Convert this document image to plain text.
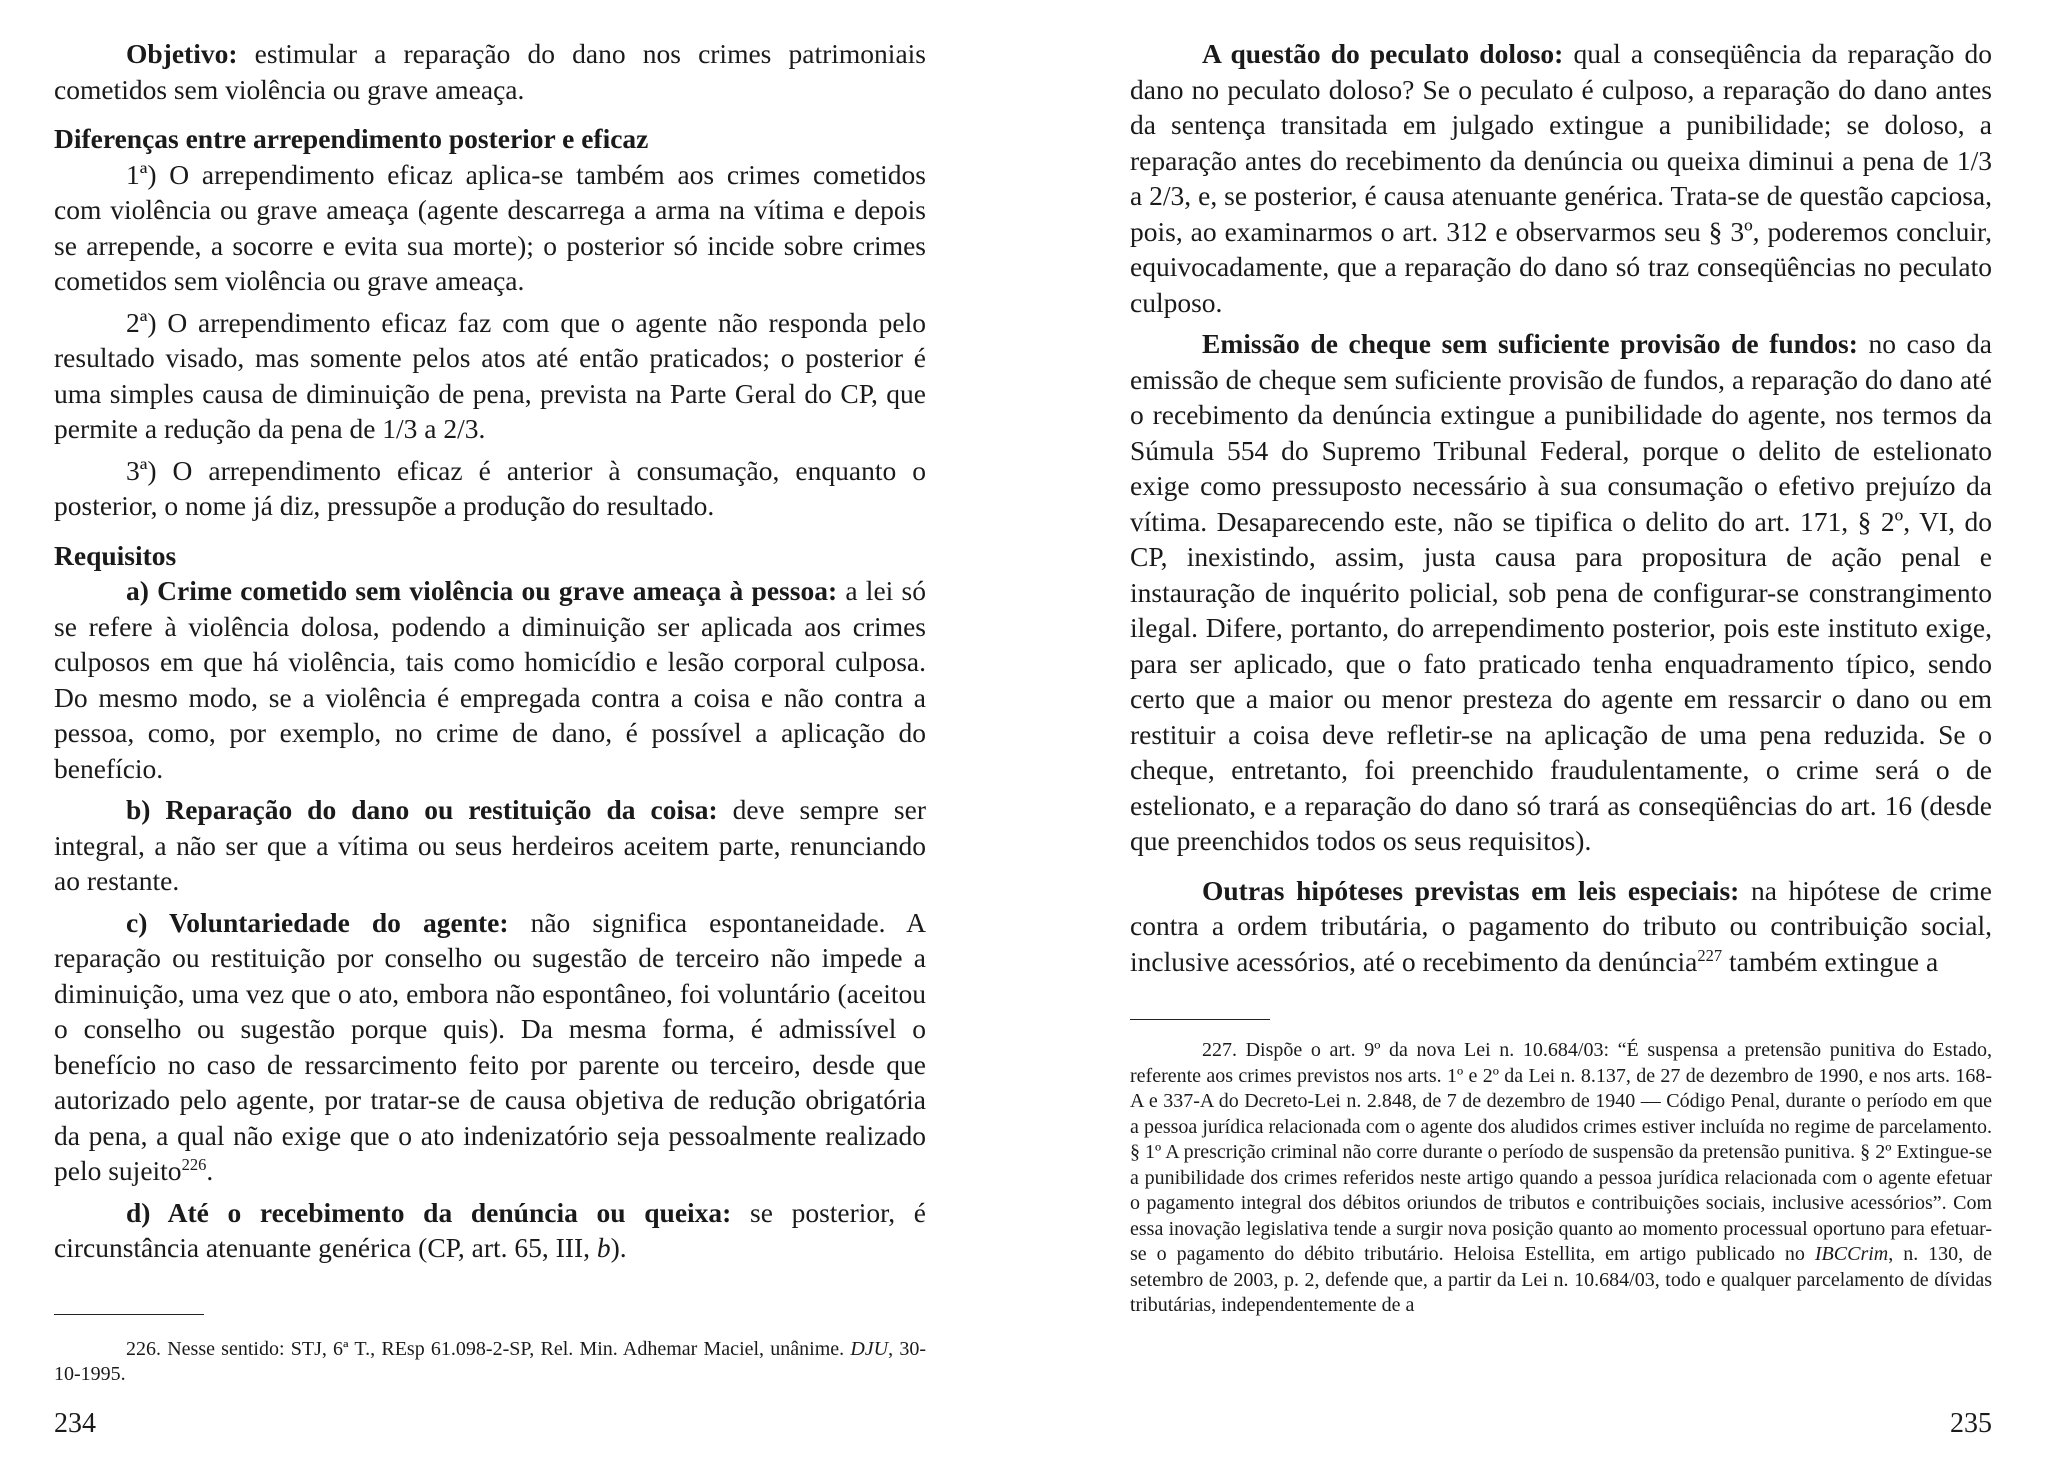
Objetivo: estimular a reparação do dano nos crimes patrimoniais cometidos sem violência ou grave ameaça.

Diferenças entre arrependimento posterior e eficaz

1ª) O arrependimento eficaz aplica-se também aos crimes cometidos com violência ou grave ameaça (agente descarrega a arma na vítima e depois se arrepende, a socorre e evita sua morte); o posterior só incide sobre crimes cometidos sem violência ou grave ameaça.

2ª) O arrependimento eficaz faz com que o agente não responda pelo resultado visado, mas somente pelos atos até então praticados; o posterior é uma simples causa de diminuição de pena, prevista na Parte Geral do CP, que permite a redução da pena de 1/3 a 2/3.

3ª) O arrependimento eficaz é anterior à consumação, enquanto o posterior, o nome já diz, pressupõe a produção do resultado.

Requisitos

a) Crime cometido sem violência ou grave ameaça à pessoa: a lei só se refere à violência dolosa, podendo a diminuição ser aplicada aos crimes culposos em que há violência, tais como homicídio e lesão corporal culposa. Do mesmo modo, se a violência é empregada contra a coisa e não contra a pessoa, como, por exemplo, no crime de dano, é possível a aplicação do benefício.

b) Reparação do dano ou restituição da coisa: deve sempre ser integral, a não ser que a vítima ou seus herdeiros aceitem parte, renunciando ao restante.

c) Voluntariedade do agente: não significa espontaneidade. A reparação ou restituição por conselho ou sugestão de terceiro não impede a diminuição, uma vez que o ato, embora não espontâneo, foi voluntário (aceitou o conselho ou sugestão porque quis). Da mesma forma, é admissível o benefício no caso de ressarcimento feito por parente ou terceiro, desde que autorizado pelo agente, por tratar-se de causa objetiva de redução obrigatória da pena, a qual não exige que o ato indenizatório seja pessoalmente realizado pelo sujeito$^{226}$.

d) Até o recebimento da denúncia ou queixa: se posterior, é circunstância atenuante genérica (CP, art. 65, III, b).

226. Nesse sentido: STJ, 6ª T., REsp 61.098-2-SP, Rel. Min. Adhemar Maciel, unânime. DJU, 30-10-1995.

234

A questão do peculato doloso: qual a conseqüência da reparação do dano no peculato doloso? Se o peculato é culposo, a reparação do dano antes da sentença transitada em julgado extingue a punibilidade; se doloso, a reparação antes do recebimento da denúncia ou queixa diminui a pena de 1/3 a 2/3, e, se posterior, é causa atenuante genérica. Trata-se de questão capciosa, pois, ao examinarmos o art. 312 e observarmos seu § 3º, poderemos concluir, equivocadamente, que a reparação do dano só traz conseqüências no peculato culposo.

Emissão de cheque sem suficiente provisão de fundos: no caso da emissão de cheque sem suficiente provisão de fundos, a reparação do dano até o recebimento da denúncia extingue a punibilidade do agente, nos termos da Súmula 554 do Supremo Tribunal Federal, porque o delito de estelionato exige como pressuposto necessário à sua consumação o efetivo prejuízo da vítima. Desaparecendo este, não se tipifica o delito do art. 171, § 2º, VI, do CP, inexistindo, assim, justa causa para propositura de ação penal e instauração de inquérito policial, sob pena de configurar-se constrangimento ilegal. Difere, portanto, do arrependimento posterior, pois este instituto exige, para ser aplicado, que o fato praticado tenha enquadramento típico, sendo certo que a maior ou menor presteza do agente em ressarcir o dano ou em restituir a coisa deve refletir-se na aplicação de uma pena reduzida. Se o cheque, entretanto, foi preenchido fraudulentamente, o crime será o de estelionato, e a reparação do dano só trará as conseqüências do art. 16 (desde que preenchidos todos os seus requisitos).

Outras hipóteses previstas em leis especiais: na hipótese de crime contra a ordem tributária, o pagamento do tributo ou contribuição social, inclusive acessórios, até o recebimento da denúncia$^{227}$ também extingue a

227. Dispõe o art. 9º da nova Lei n. 10.684/03: “É suspensa a pretensão punitiva do Estado, referente aos crimes previstos nos arts. 1º e 2º da Lei n. 8.137, de 27 de dezembro de 1990, e nos arts. 168-A e 337-A do Decreto-Lei n. 2.848, de 7 de dezembro de 1940 — Código Penal, durante o período em que a pessoa jurídica relacionada com o agente dos aludidos crimes estiver incluída no regime de parcelamento. § 1º A prescrição criminal não corre durante o período de suspensão da pretensão punitiva. § 2º Extingue-se a punibilidade dos crimes referidos neste artigo quando a pessoa jurídica relacionada com o agente efetuar o pagamento integral dos débitos oriundos de tributos e contribuições sociais, inclusive acessórios”. Com essa inovação legislativa tende a surgir nova posição quanto ao momento processual oportuno para efetuar-se o pagamento do débito tributário. Heloisa Estellita, em artigo publicado no IBCCrim, n. 130, de setembro de 2003, p. 2, defende que, a partir da Lei n. 10.684/03, todo e qualquer parcelamento de dívidas tributárias, independentemente de a

235
